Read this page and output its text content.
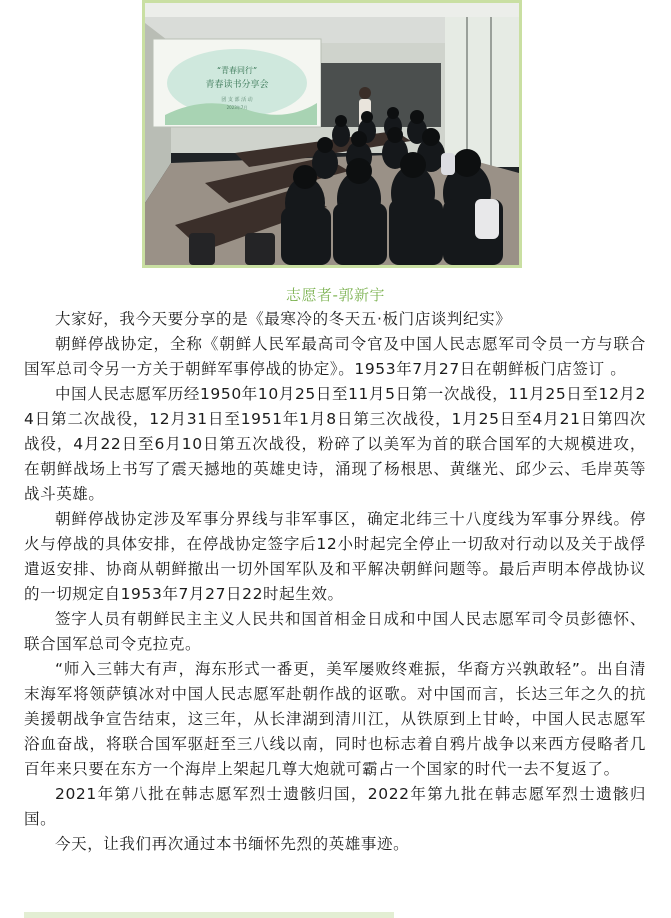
“青春同行”
青春读书分享会
团 支 部 活 动
2023年7月
志愿者-郭新宇

大家好，我今天要分享的是《最寒冷的冬天五·板门店谈判纪实》

朝鲜停战协定，全称《朝鲜人民军最高司令官及中国人民志愿军司令员一方与联合国军总司令另一方关于朝鲜军事停战的协定》。1953年7月27日在朝鲜板门店签订 。

中国人民志愿军历经1950年10月25日至11月5日第一次战役，11月25日至12月24日第二次战役，12月31日至1951年1月8日第三次战役，1月25日至4月21日第四次战役，4月22日至6月10日第五次战役，粉碎了以美军为首的联合国军的大规模进攻，在朝鲜战场上书写了震天撼地的英雄史诗，涌现了杨根思、黄继光、邱少云、毛岸英等战斗英雄。

朝鲜停战协定涉及军事分界线与非军事区，确定北纬三十八度线为军事分界线。停火与停战的具体安排，在停战协定签字后12小时起完全停止一切敌对行动以及关于战俘遣返安排、协商从朝鲜撤出一切外国军队及和平解决朝鲜问题等。最后声明本停战协议的一切规定自1953年7月27日22时起生效。

签字人员有朝鲜民主主义人民共和国首相金日成和中国人民志愿军司令员彭德怀、联合国军总司令克拉克。

“师入三韩大有声，海东形式一番更，美军屡败终难振，华裔方兴孰敢轻”。出自清末海军将领萨镇冰对中国人民志愿军赴朝作战的讴歌。对中国而言，长达三年之久的抗美援朝战争宣告结束，这三年，从长津湖到清川江，从铁原到上甘岭，中国人民志愿军浴血奋战，将联合国军驱赶至三八线以南，同时也标志着自鸦片战争以来西方侵略者几百年来只要在东方一个海岸上架起几尊大炮就可霸占一个国家的时代一去不复返了。

2021年第八批在韩志愿军烈士遗骸归国，2022年第九批在韩志愿军烈士遗骸归国。

今天，让我们再次通过本书缅怀先烈的英雄事迹。
